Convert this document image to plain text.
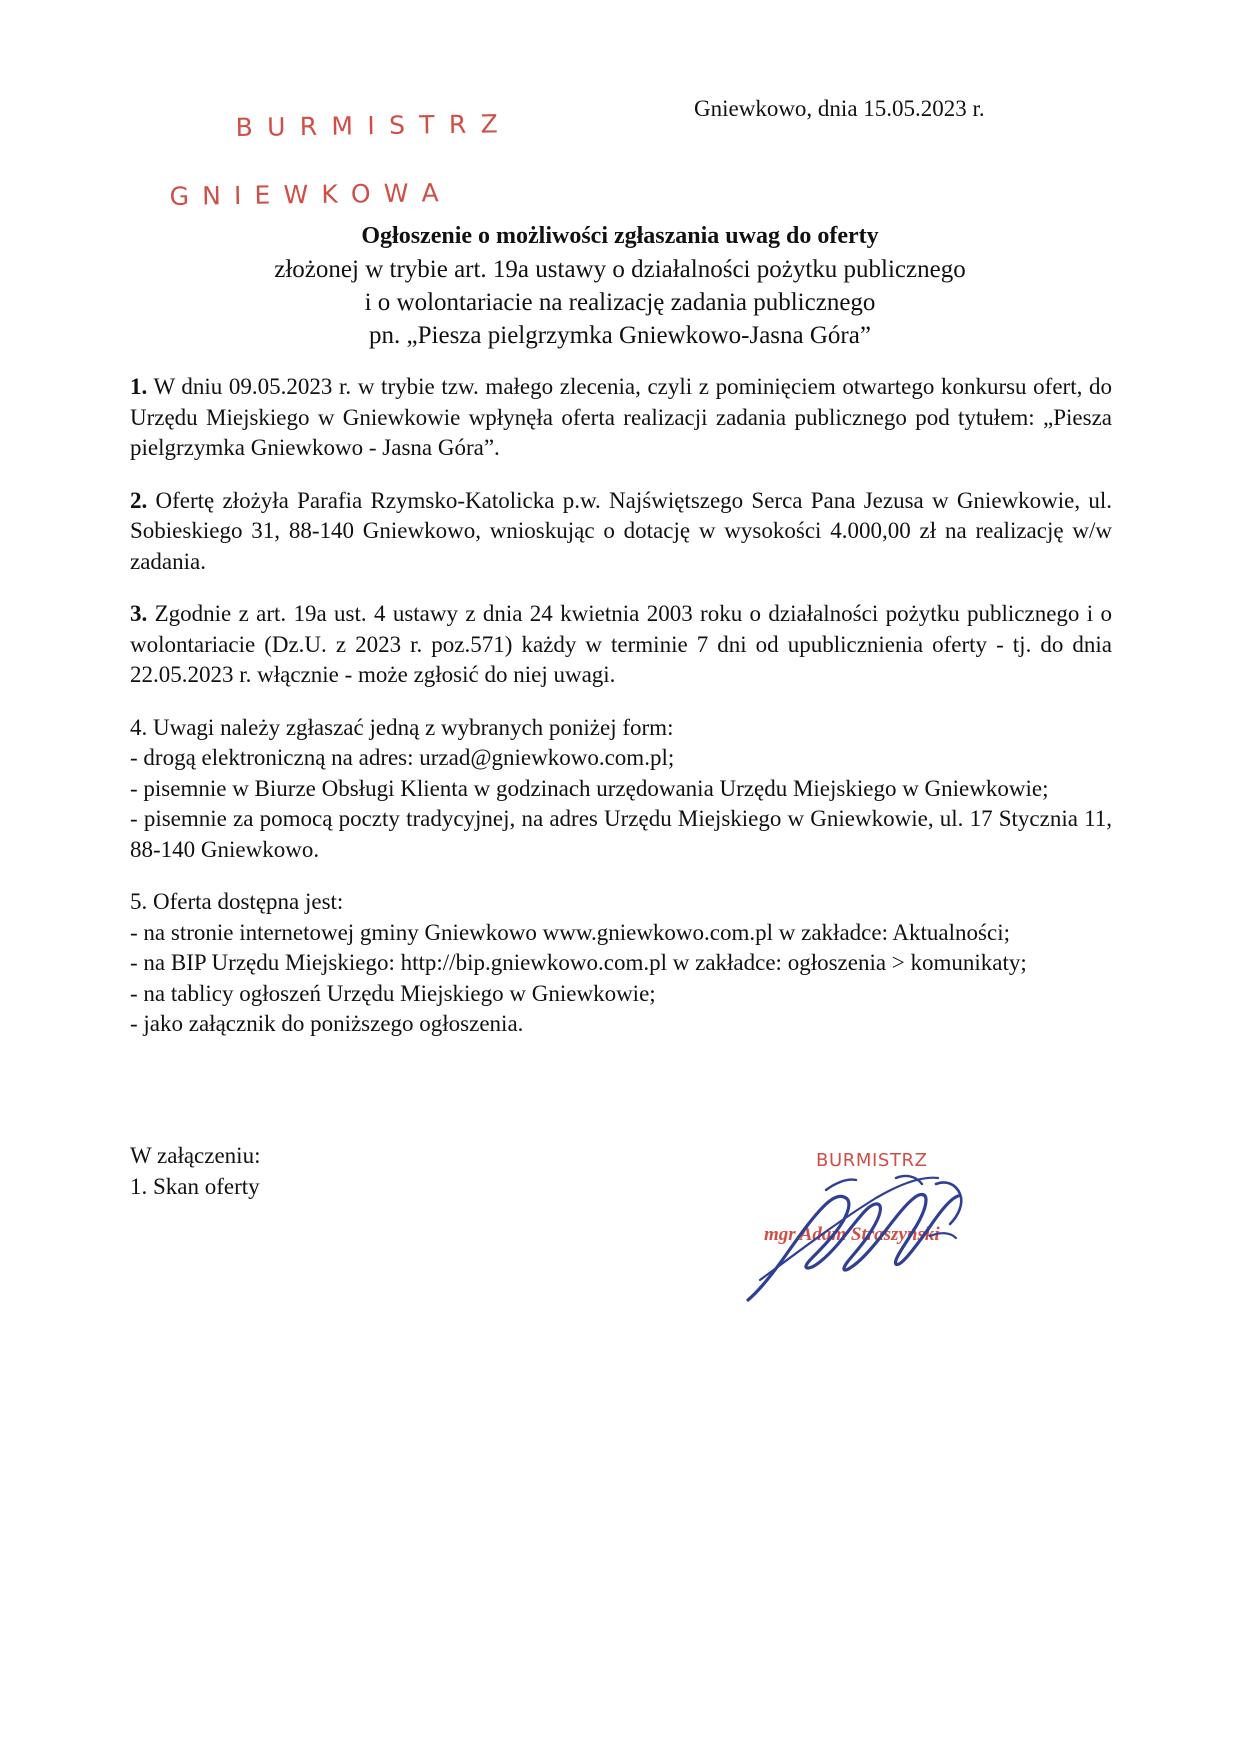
B U R M I S T R Z

G N I E W K O W A

Gniewkowo, dnia 15.05.2023 r.
Ogłoszenie o możliwości zgłaszania uwag do oferty
złożonej w trybie art. 19a ustawy o działalności pożytku publicznego
i o wolontariacie na realizację zadania publicznego
pn. „Piesza pielgrzymka Gniewkowo-Jasna Góra”

1. W dniu 09.05.2023 r. w trybie tzw. małego zlecenia, czyli z pominięciem otwartego konkursu ofert, do Urzędu Miejskiego w Gniewkowie wpłynęła oferta realizacji zadania publicznego pod tytułem: „Piesza pielgrzymka Gniewkowo - Jasna Góra”.

2. Ofertę złożyła Parafia Rzymsko-Katolicka p.w. Najświętszego Serca Pana Jezusa w Gniewkowie, ul. Sobieskiego 31, 88-140 Gniewkowo, wnioskując o dotację w wysokości 4.000,00 zł na realizację w/w zadania.

3. Zgodnie z art. 19a ust. 4 ustawy z dnia 24 kwietnia 2003 roku o działalności pożytku publicznego i o wolontariacie (Dz.U. z 2023 r. poz.571) każdy w terminie 7 dni od upublicznienia oferty - tj. do dnia 22.05.2023 r. włącznie - może zgłosić do niej uwagi.

4. Uwagi należy zgłaszać jedną z wybranych poniżej form:
- drogą elektroniczną na adres: urzad@gniewkowo.com.pl;
- pisemnie w Biurze Obsługi Klienta w godzinach urzędowania Urzędu Miejskiego w Gniewkowie;
- pisemnie za pomocą poczty tradycyjnej, na adres Urzędu Miejskiego w Gniewkowie, ul. 17 Stycznia 11, 88-140 Gniewkowo.
5. Oferta dostępna jest:
- na stronie internetowej gminy Gniewkowo www.gniewkowo.com.pl w zakładce: Aktualności;
- na BIP Urzędu Miejskiego: http://bip.gniewkowo.com.pl w zakładce: ogłoszenia > komunikaty;
- na tablicy ogłoszeń Urzędu Miejskiego w Gniewkowie;
- jako załącznik do poniższego ogłoszenia.
W załączeniu:
1. Skan oferty
BURMISTRZ
mgr Adam Straszyński
